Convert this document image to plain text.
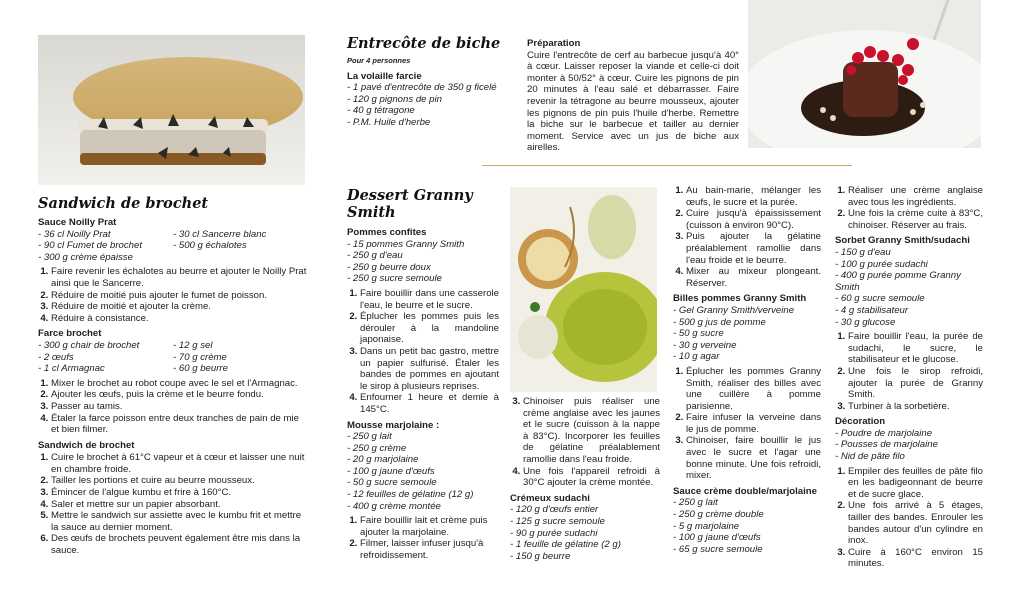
Entrecôte de biche
Pour 4 personnes
La volaille farcie
- 1 pavé d'entrecôte de 350 g ficelé
- 120 g pignons de pin
- 40 g tétragone
- P.M. Huile d'herbe
Préparation
Cuire l'entrecôte de cerf au barbecue jusqu'à 40° à cœur. Laisser reposer la viande et celle-ci doit monter à 50/52° à cœur. Cuire les pignons de pin 20 minutes à l'eau salé et débarrasser. Faire revenir la tétragone au beurre mousseux, ajouter les pignons de pin puis l'huile d'herbe. Remettre la biche sur le barbecue et tailler au dernier moment. Service avec un jus de biche aux airelles.
Sandwich de brochet
Sauce Noilly Prat
- 36 cl Noilly Prat
- 90 cl Fumet de brochet
- 300 g crème épaisse
- 30 cl Sancerre blanc
- 500 g échalotes
1. Faire revenir les échalotes au beurre et ajouter le Noilly Prat ainsi que le Sancerre.
2. Réduire de moitié puis ajouter le fumet de poisson.
3. Réduire de moitié et ajouter la crème.
4. Réduire à consistance.
Farce brochet
- 300 g chair de brochet
- 2 œufs
- 1 cl Armagnac
- 12 g sel
- 70 g crème
- 60 g beurre
1. Mixer le brochet au robot coupe avec le sel et l'Armagnac.
2. Ajouter les œufs, puis la crème et le beurre fondu.
3. Passer au tamis.
4. Étaler la farce poisson entre deux tranches de pain de mie et bien filmer.
Sandwich de brochet
1. Cuire le brochet à 61°C vapeur et à cœur et laisser une nuit en chambre froide.
2. Tailler les portions et cuire au beurre mousseux.
3. Émincer de l'algue kumbu et frire à 160°C.
4. Saler et mettre sur un papier absorbant.
5. Mettre le sandwich sur assiette avec le kumbu frit et mettre la sauce au dernier moment.
6. Des œufs de brochets peuvent également être mis dans la sauce.
Dessert Granny Smith
Pommes confites
- 15 pommes Granny Smith
- 250 g d'eau
- 250 g beurre doux
- 250 g sucre semoule
1. Faire bouillir dans une casserole l'eau, le beurre et le sucre.
2. Éplucher les pommes puis les dérouler à la mandoline japonaise.
3. Dans un petit bac gastro, mettre un papier sulfurisé. Étaler les bandes de pommes en ajoutant le sirop à plusieurs reprises.
4. Enfourner 1 heure et demie à 145°C.
Mousse marjolaine :
- 250 g lait
- 250 g crème
- 20 g marjolaine
- 100 g jaune d'œufs
- 50 g sucre semoule
- 12 feuilles de gélatine (12 g)
- 400 g crème montée
1. Faire bouillir lait et crème puis ajouter la marjolaine.
2. Filmer, laisser infuser jusqu'à refroidissement.
3. Chinoiser puis réaliser une crème anglaise avec les jaunes et le sucre (cuisson à la nappe à 83°C). Incorporer les feuilles de gélatine préalablement ramollie dans l'eau froide.
4. Une fois l'appareil refroidi à 30°C ajouter la crème montée.
Crémeux sudachi
- 120 g d'œufs entier
- 125 g sucre semoule
- 90 g purée sudachi
- 1 feuille de gélatine (2 g)
- 150 g beurre
1. Au bain-marie, mélanger les œufs, le sucre et la purée.
2. Cuire jusqu'à épaississement (cuisson à environ 90°C).
3. Puis ajouter la gélatine préalablement ramollie dans l'eau froide et le beurre.
4. Mixer au mixeur plongeant. Réserver.
Billes pommes Granny Smith
- Gel Granny Smith/verveine
- 500 g jus de pomme
- 50 g sucre
- 30 g verveine
- 10 g agar
1. Éplucher les pommes Granny Smith, réaliser des billes avec une cuillère à pomme parisienne.
2. Faire infuser la verveine dans le jus de pomme.
3. Chinoiser, faire bouillir le jus avec le sucre et l'agar une bonne minute. Une fois refroidi, mixer.
Sauce crème double/marjolaine
- 250 g lait
- 250 g crème double
- 5 g marjolaine
- 100 g jaune d'œufs
- 65 g sucre semoule
1. Réaliser une crème anglaise avec tous les ingrédients.
2. Une fois la crème cuite à 83°C, chinoiser. Réserver au frais.
Sorbet Granny Smith/sudachi
- 150 g d'eau
- 100 g purée sudachi
- 400 g purée pomme Granny Smith
- 60 g sucre semoule
- 4 g stabilisateur
- 30 g glucose
1. Faire bouillir l'eau, la purée de sudachi, le sucre, le stabilisateur et le glucose.
2. Une fois le sirop refroidi, ajouter la purée de Granny Smith.
3. Turbiner à la sorbetière.
Décoration
- Poudre de marjolaine
- Pousses de marjolaine
- Nid de pâte filo
1. Empiler des feuilles de pâte filo en les badigeonnant de beurre et de sucre glace.
2. Une fois arrivé à 5 étages, tailler des bandes. Enrouler les bandes autour d'un cylindre en inox.
3. Cuire à 160°C environ 15 minutes.
